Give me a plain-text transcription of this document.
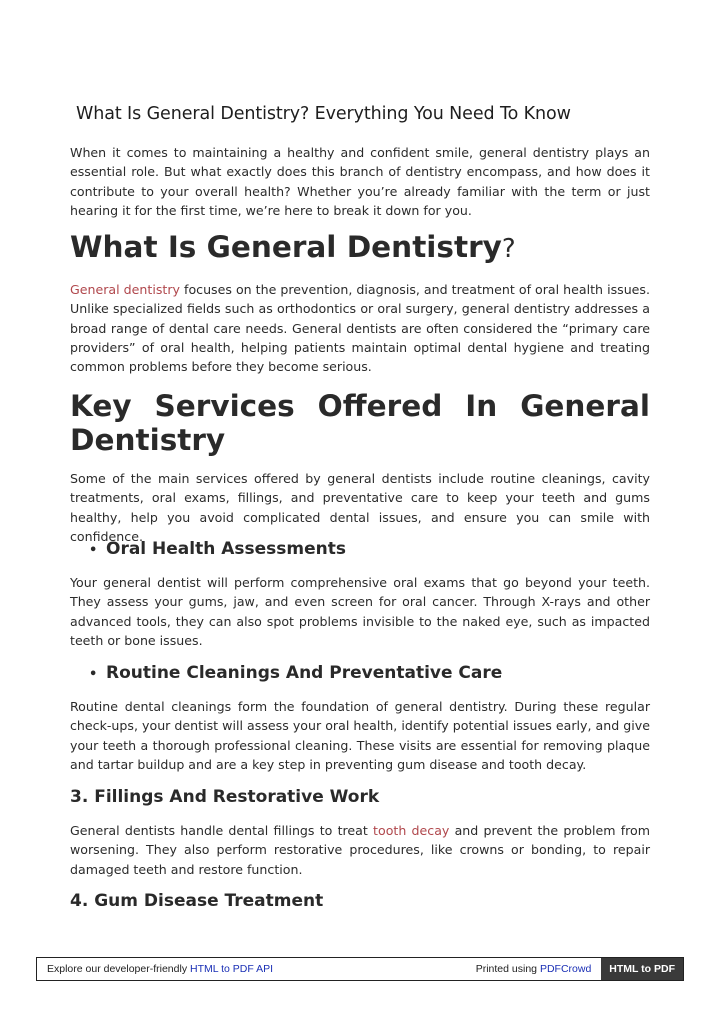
What Is General Dentistry? Everything You Need To Know

When it comes to maintaining a healthy and confident smile, general dentistry plays an essential role. But what exactly does this branch of dentistry encompass, and how does it contribute to your overall health? Whether you’re already familiar with the term or just hearing it for the first time, we’re here to break it down for you.

What Is General Dentistry?

General dentistry focuses on the prevention, diagnosis, and treatment of oral health issues. Unlike specialized fields such as orthodontics or oral surgery, general dentistry addresses a broad range of dental care needs. General dentists are often considered the “primary care providers” of oral health, helping patients maintain optimal dental hygiene and treating common problems before they become serious.

Key Services Offered In General
Dentistry

Some of the main services offered by general dentists include routine cleanings, cavity treatments, oral exams, fillings, and preventative care to keep your teeth and gums healthy, help you avoid complicated dental issues, and ensure you can smile with confidence.

• Oral Health Assessments

Your general dentist will perform comprehensive oral exams that go beyond your teeth. They assess your gums, jaw, and even screen for oral cancer. Through X-rays and other advanced tools, they can also spot problems invisible to the naked eye, such as impacted teeth or bone issues.

• Routine Cleanings And Preventative Care

Routine dental cleanings form the foundation of general dentistry. During these regular check-ups, your dentist will assess your oral health, identify potential issues early, and give your teeth a thorough professional cleaning. These visits are essential for removing plaque and tartar buildup and are a key step in preventing gum disease and tooth decay.

3. Fillings And Restorative Work

General dentists handle dental fillings to treat tooth decay and prevent the problem from worsening. They also perform restorative procedures, like crowns or bonding, to repair damaged teeth and restore function.

4. Gum Disease Treatment
Explore our developer-friendly HTML to PDF API	Printed using PDFCrowd	HTML to PDF
